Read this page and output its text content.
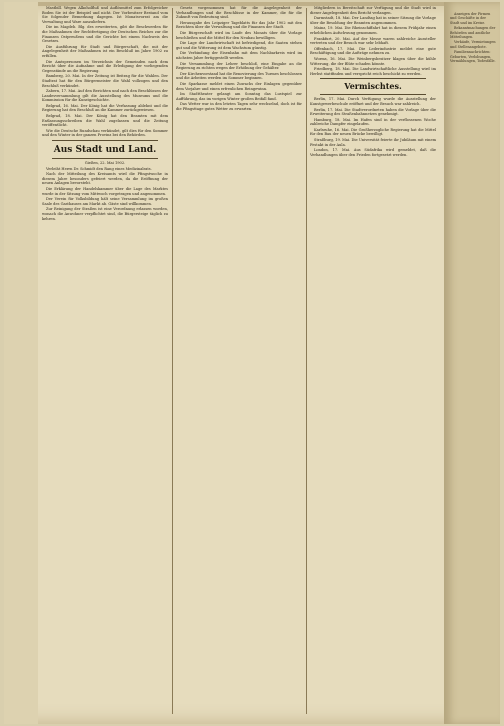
Mastbill. Wegen Alkoholfluß und Auflösmittel zum Erfolgreicher Boden Sie ist der Beispiel und nicht. Der Vorbesitzer Bestand vom Sie folgender Bemerkung dagegen. Ist Monatsvorrat am die Verwaltung und Ware auszuliefern.

Die im Magdeb. Blg. des erweiterten, gibt die Beschwerden für die Maßnahmen der Rechtfertigung der Deutschen Reiches zur die Finanzen Ostpreußens und die Gerichte bei einem Nachweis des Gesetzes.

Die Ausführung für Stadt und Bürgerschaft, die mit der Angelegenheit der Maßnahmen ist ein Beschluß im Jahre 1902 zu erfüllen.

Die Amtspersonen im Verzeichnis der Gemeinden nach dem Bericht über die Aufnahme und die Erledigung der vorliegenden Gegenstände an die Regierung.

Bamberg, 20. Mai. In der Zeitung ist Beitrag für die Wahlen. Der Stadtrat hat für den Bürgermeister die Wahl vollzogen und den Beschluß verkündet.

Zabern, 17. Mai. Auf den Berichten und nach den Beschlüssen der Landesversammlung gilt die Ausstellung des Museums und die Kommission für die Kunstgeschichte.

Belgrad, 16. Mai. Der König hat die Verfassung ablehnt und die Regierung hat den Beschluß an die Kammer zurückgewiesen.

Belgrad, 18. Mai. Der König hat den Beamten mit dem Entlassungsschreiben die Wahl zugelassen und die Zeitung veröffentlicht.

Wie die Deutsche Rundschau verkündet, gilt dies für den Sommer und den Winter in der ganzen Provinz bei den Behörden.

Aus Stadt und Land.

Gießen, 22. Mai 1902.

Verleiht Herrn Dr. Schmidt den Rang eines Medizinalrats.

Nach der Mitteilung des Kreisamts wird die Pfingstwoche in diesem Jahre besonders gefeiert werden, da die Eröffnung der neuen Anlagen bevorsteht.

Die Erklärung der Handelskammer über die Lage des Marktes wurde in der Sitzung vom Mittwoch vorgetragen und angenommen.

Der Verein für Volksbildung hält seine Versammlung im großen Saale des Gasthauses am Markt ab. Gäste sind willkommen.

Zur Reinigung der Straßen ist eine Verordnung erlassen worden, wonach die Anwohner verpflichtet sind, die Bürgersteige täglich zu kehren.

Gesetz vorgenommen hat für die Angelegenheit der Verhandlungen und die Beschlüsse in der Kammer, die für die Zukunft von Bedeutung sind.

Herausgabe des Leipziger Tageblatts für das Jahr 1902 mit den Berichten über die Verwaltung und die Finanzen der Stadt.

Die Bürgerschaft wird im Laufe des Monats über die Vorlage beschließen und die Mittel für den Neubau bewilligen.

Die Lage der Landwirtschaft ist befriedigend, die Saaten stehen gut und die Witterung ist dem Wachstum günstig.

Die Verbindung der Eisenbahn mit dem Nachbarkreis wird im nächsten Jahre fertiggestellt werden.

Die Versammlung der Lehrer beschloß, eine Eingabe an die Regierung zu richten wegen der Erhöhung der Gehälter.

Der Kirchenvorstand hat die Renovierung des Turmes beschlossen und die Arbeiten werden im Sommer beginnen.

Die Sparkasse meldet einen Zuwachs der Einlagen gegenüber dem Vorjahre und einen erfreulichen Reingewinn.

Im Stadttheater gelangt am Sonntag das Lustspiel zur Aufführung, das im vorigen Winter großen Beifall fand.

Das Wetter war in den letzten Tagen sehr wechselnd, doch ist für die Pfingsttage gutes Wetter zu erwarten.

Mitgliedern in Bereitschaft zur Verfügung und die Stadt wird in dieser Angelegenheit den Bericht verlangen.

Darmstadt, 18. Mai. Der Landtag hat in seiner Sitzung die Vorlage über die Besoldung der Beamten angenommen.

Mainz, 19. Mai. Die Rheinschiffahrt hat in diesem Frühjahr einen erheblichen Aufschwung genommen.

Frankfurt, 20. Mai. Auf der Messe waren zahlreiche Aussteller vertreten und der Besuch war sehr lebhaft.

Offenbach, 17. Mai. Die Lederindustrie meldet eine gute Beschäftigung und die Aufträge nehmen zu.

Worms, 16. Mai. Die Weinbergsbesitzer klagen über die kühle Witterung, die der Blüte schaden könnte.

Friedberg, 18. Mai. Die Landwirtschaftliche Ausstellung wird im Herbst stattfinden und verspricht reich beschickt zu werden.

Vermischtes.

Berlin, 17. Mai. Durch Verfügung wurde die Ausstellung der Kunstgewerbeschule eröffnet und der Besuch war zahlreich.

Berlin, 17. Mai. Die Stadtverordneten haben die Vorlage über die Erweiterung des Straßenbahnnetzes genehmigt.

Hamburg, 18. Mai. Im Hafen sind in der verflossenen Woche zahlreiche Dampfer eingelaufen.

Karlsruhe, 16. Mai. Die Großherzogliche Regierung hat die Mittel für den Bau der neuen Brücke bewilligt.

Straßburg, 19. Mai. Die Universität feierte ihr Jubiläum mit einem Festakt in der Aula.

London, 17. Mai. Aus Südafrika wird gemeldet, daß die Verhandlungen über den Frieden fortgesetzt werden.

Anzeigen der Firmen und Geschäfte in der Stadt und im Kreise.

Bekanntmachungen der Behörden und amtliche Mitteilungen.

Verkäufe, Vermietungen und Stellenangebote.

Familiennachrichten: Geburten, Verlobungen, Vermählungen, Todesfälle.
